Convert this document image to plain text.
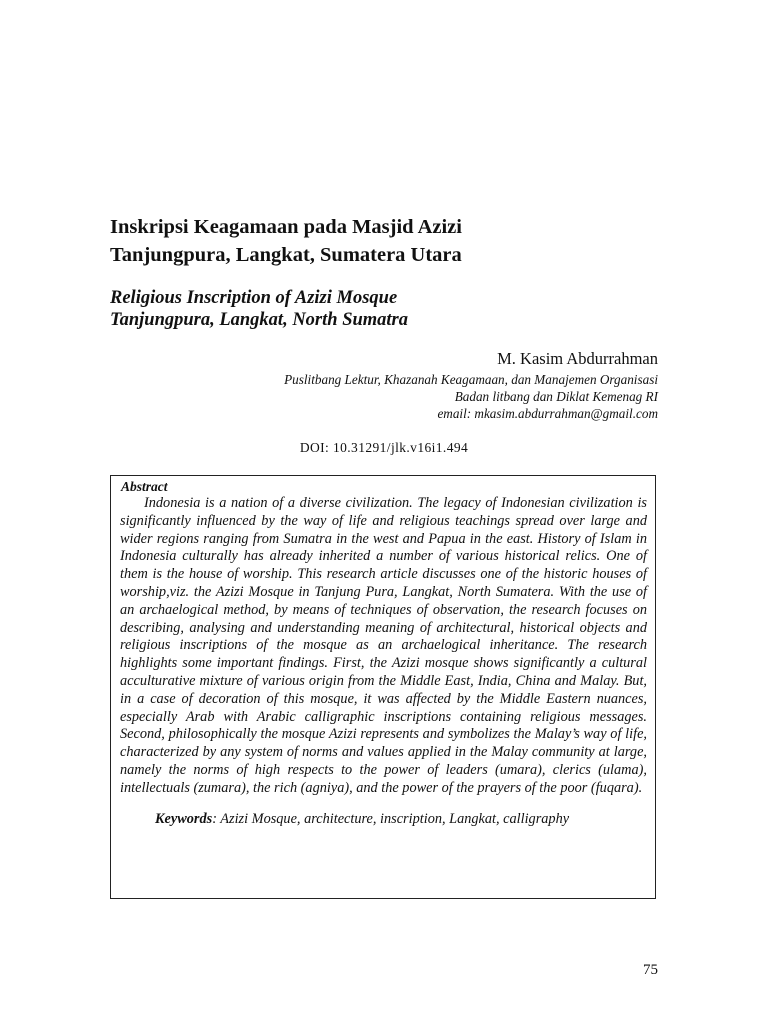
Inskripsi Keagamaan pada Masjid Azizi
Tanjungpura, Langkat, Sumatera Utara
Religious Inscription of Azizi Mosque
Tanjungpura, Langkat, North Sumatra
M. Kasim Abdurrahman
Puslitbang Lektur, Khazanah Keagamaan, dan Manajemen Organisasi
Badan litbang dan Diklat Kemenag RI
email: mkasim.abdurrahman@gmail.com
DOI: 10.31291/jlk.v16i1.494
Abstract

Indonesia is a nation of a diverse civilization. The legacy of Indonesian civilization is significantly influenced by the way of life and religious teachings spread over large and wider regions ranging from Sumatra in the west and Papua in the east. History of Islam in Indonesia culturally has already inherited a number of various historical relics. One of them is the house of worship. This research article discusses one of the historic houses of worship,viz. the Azizi Mosque in Tanjung Pura, Langkat, North Sumatera. With the use of an archaelogical method, by means of techniques of observation, the research focuses on describing, analysing and understanding meaning of architectural, historical objects and religious inscriptions of the mosque as an archaelogical inheritance. The research highlights some important findings. First, the Azizi mosque shows significantly a cultural acculturative mixture of various origin from the Middle East, India, China and Malay. But, in a case of decoration of this mosque, it was affected by the Middle Eastern nuances, especially Arab with Arabic calligraphic inscriptions containing religious messages. Second, philosophically the mosque Azizi represents and symbolizes the Malay’s way of life, characterized by any system of norms and values applied in the Malay community at large, namely the norms of high respects to the power of leaders (umara), clerics (ulama), intellectuals (zumara), the rich (agniya), and the power of the prayers of the poor (fuqara).

Keywords: Azizi Mosque, architecture, inscription, Langkat, calligraphy
75
